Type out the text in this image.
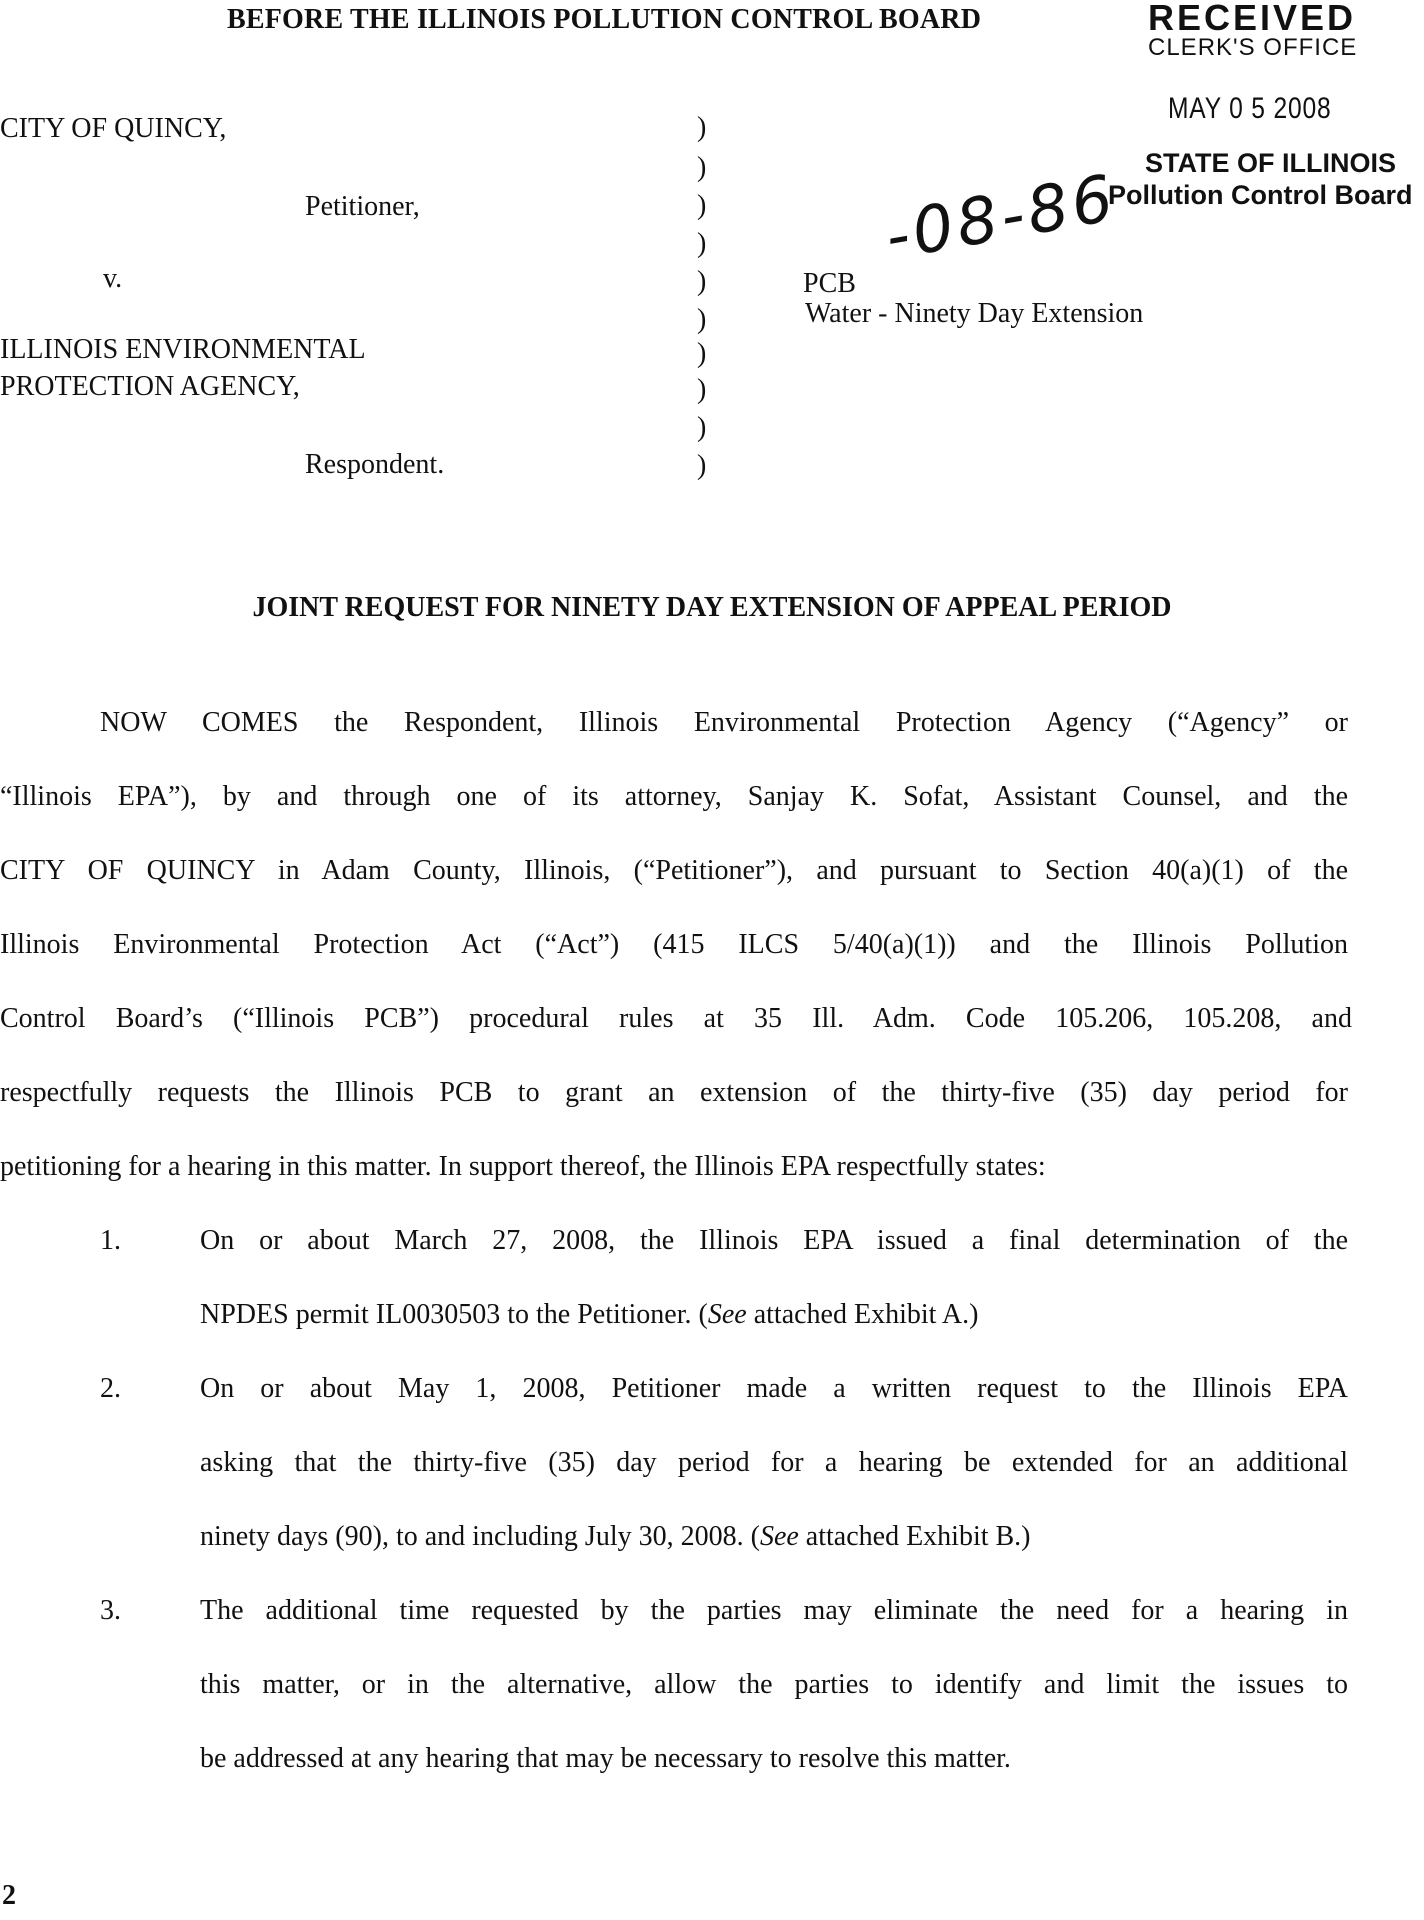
BEFORE THE ILLINOIS POLLUTION CONTROL BOARD	RECEIVED
CLERK'S OFFICE
MAY 0 5 2008
STATE OF ILLINOIS
Pollution Control Board
CITY OF QUINCY,
Petitioner,
v.
ILLINOIS ENVIRONMENTAL
PROTECTION AGENCY,
Respondent.
)
)
)
)
)
)
)
)
)
)
PCB
-08-86
Water - Ninety Day Extension
JOINT REQUEST FOR NINETY DAY EXTENSION OF APPEAL PERIOD
NOW COMES the Respondent, Illinois Environmental Protection Agency (“Agency” or
“Illinois EPA”), by and through one of its attorney, Sanjay K. Sofat, Assistant Counsel, and the
CITY OF QUINCY in Adam County, Illinois, (“Petitioner”), and pursuant to Section 40(a)(1) of the
Illinois Environmental Protection Act (“Act”) (415 ILCS 5/40(a)(1)) and the Illinois Pollution
Control Board’s (“Illinois PCB”) procedural rules at 35 Ill. Adm. Code 105.206, 105.208, and
respectfully requests the Illinois PCB to grant an extension of the thirty-five (35) day period for
petitioning for a hearing in this matter. In support thereof, the Illinois EPA respectfully states:
1.	On or about March 27, 2008, the Illinois EPA issued a final determination of the
NPDES permit IL0030503 to the Petitioner. (See attached Exhibit A.)
2.	On or about May 1, 2008, Petitioner made a written request to the Illinois EPA
asking that the thirty-five (35) day period for a hearing be extended for an additional
ninety days (90), to and including July 30, 2008. (See attached Exhibit B.)
3.	The additional time requested by the parties may eliminate the need for a hearing in
this matter, or in the alternative, allow the parties to identify and limit the issues to
be addressed at any hearing that may be necessary to resolve this matter.
2
